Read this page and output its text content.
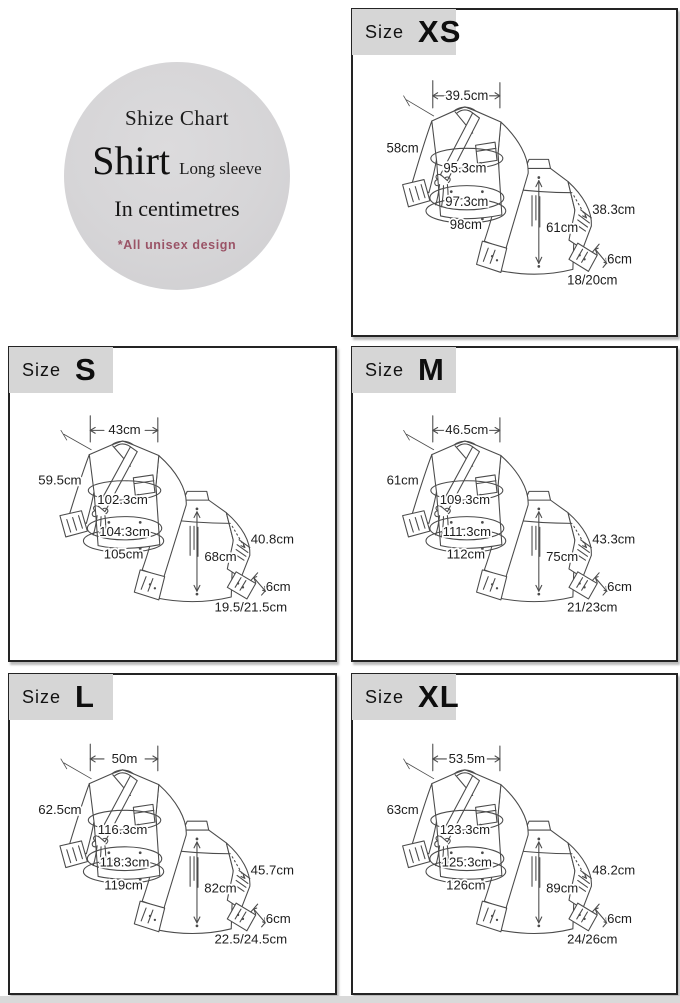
Shize Chart
Shirt Long sleeve
In centimetres
*All unisex design
Size XS
39.5cm
58cm
95.3cm
97.3cm
98cm	61cm
38.3cm
6cm
18/20cm
Size S
43cm
59.5cm
102.3cm
104.3cm
105cm	68cm
40.8cm
6cm
19.5/21.5cm
Size M
46.5cm
61cm
109.3cm
111.3cm
112cm	75cm
43.3cm
6cm
21/23cm
Size L
50m
62.5cm
116.3cm
118.3cm
119cm	82cm
45.7cm
6cm
22.5/24.5cm
Size XL
53.5m
63cm
123.3cm
125.3cm
126cm	89cm
48.2cm
6cm
24/26cm
